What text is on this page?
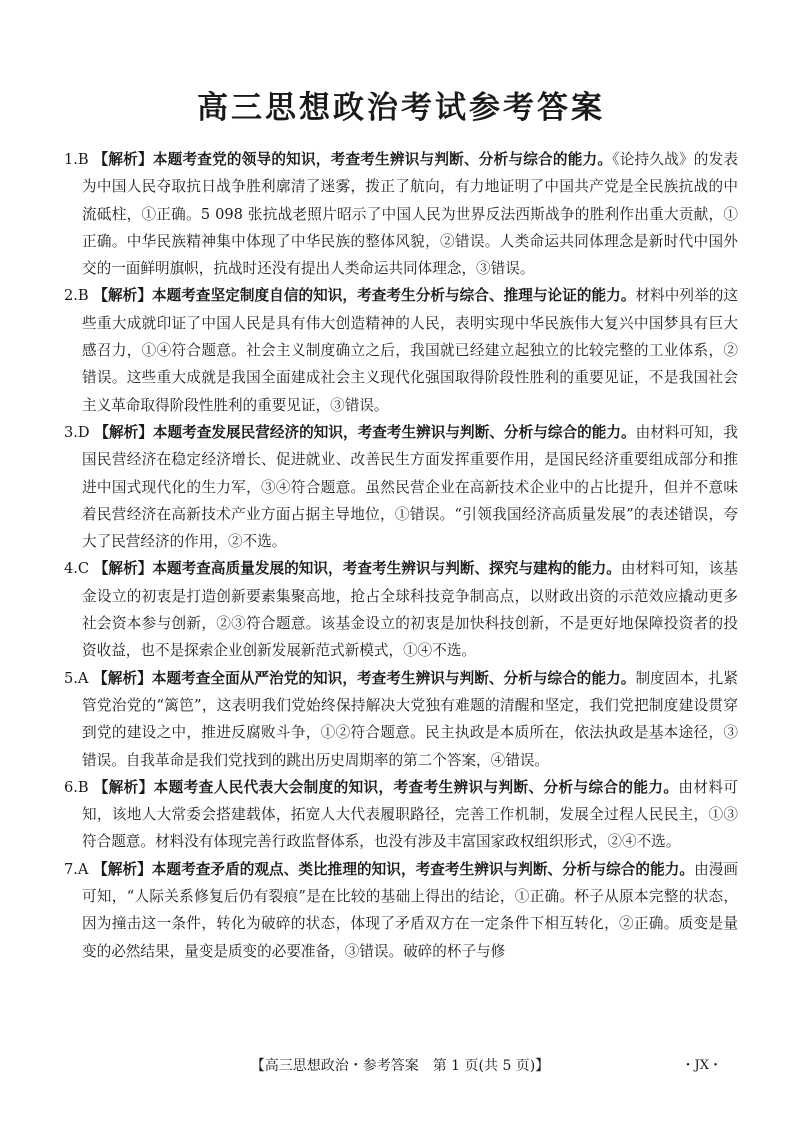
高三思想政治考试参考答案

1.B 【解析】本题考查党的领导的知识，考查考生辨识与判断、分析与综合的能力。《论持久战》的发表为中国人民夺取抗日战争胜利廓清了迷雾，拨正了航向，有力地证明了中国共产党是全民族抗战的中流砥柱，①正确。5 098 张抗战老照片昭示了中国人民为世界反法西斯战争的胜利作出重大贡献，①正确。中华民族精神集中体现了中华民族的整体风貌，②错误。人类命运共同体理念是新时代中国外交的一面鲜明旗帜，抗战时还没有提出人类命运共同体理念，③错误。

2.B 【解析】本题考查坚定制度自信的知识，考查考生分析与综合、推理与论证的能力。材料中列举的这些重大成就印证了中国人民是具有伟大创造精神的人民，表明实现中华民族伟大复兴中国梦具有巨大感召力，①④符合题意。社会主义制度确立之后，我国就已经建立起独立的比较完整的工业体系，②错误。这些重大成就是我国全面建成社会主义现代化强国取得阶段性胜利的重要见证，不是我国社会主义革命取得阶段性胜利的重要见证，③错误。

3.D 【解析】本题考查发展民营经济的知识，考查考生辨识与判断、分析与综合的能力。由材料可知，我国民营经济在稳定经济增长、促进就业、改善民生方面发挥重要作用，是国民经济重要组成部分和推进中国式现代化的生力军，③④符合题意。虽然民营企业在高新技术企业中的占比提升，但并不意味着民营经济在高新技术产业方面占据主导地位，①错误。“引领我国经济高质量发展”的表述错误，夸大了民营经济的作用，②不选。

4.C 【解析】本题考查高质量发展的知识，考查考生辨识与判断、探究与建构的能力。由材料可知，该基金设立的初衷是打造创新要素集聚高地，抢占全球科技竞争制高点，以财政出资的示范效应撬动更多社会资本参与创新，②③符合题意。该基金设立的初衷是加快科技创新，不是更好地保障投资者的投资收益，也不是探索企业创新发展新范式新模式，①④不选。

5.A 【解析】本题考查全面从严治党的知识，考查考生辨识与判断、分析与综合的能力。制度固本，扎紧管党治党的“篱笆”，这表明我们党始终保持解决大党独有难题的清醒和坚定，我们党把制度建设贯穿到党的建设之中，推进反腐败斗争，①②符合题意。民主执政是本质所在，依法执政是基本途径，③错误。自我革命是我们党找到的跳出历史周期率的第二个答案，④错误。

6.B 【解析】本题考查人民代表大会制度的知识，考查考生辨识与判断、分析与综合的能力。由材料可知，该地人大常委会搭建载体，拓宽人大代表履职路径，完善工作机制，发展全过程人民民主，①③符合题意。材料没有体现完善行政监督体系，也没有涉及丰富国家政权组织形式，②④不选。

7.A 【解析】本题考查矛盾的观点、类比推理的知识，考查考生辨识与判断、分析与综合的能力。由漫画可知，“人际关系修复后仍有裂痕”是在比较的基础上得出的结论，①正确。杯子从原本完整的状态，因为撞击这一条件，转化为破碎的状态，体现了矛盾双方在一定条件下相互转化，②正确。质变是量变的必然结果，量变是质变的必要准备，③错误。破碎的杯子与修

【高三思想政治・参考答案　第 1 页(共 5 页)】	・JX・
